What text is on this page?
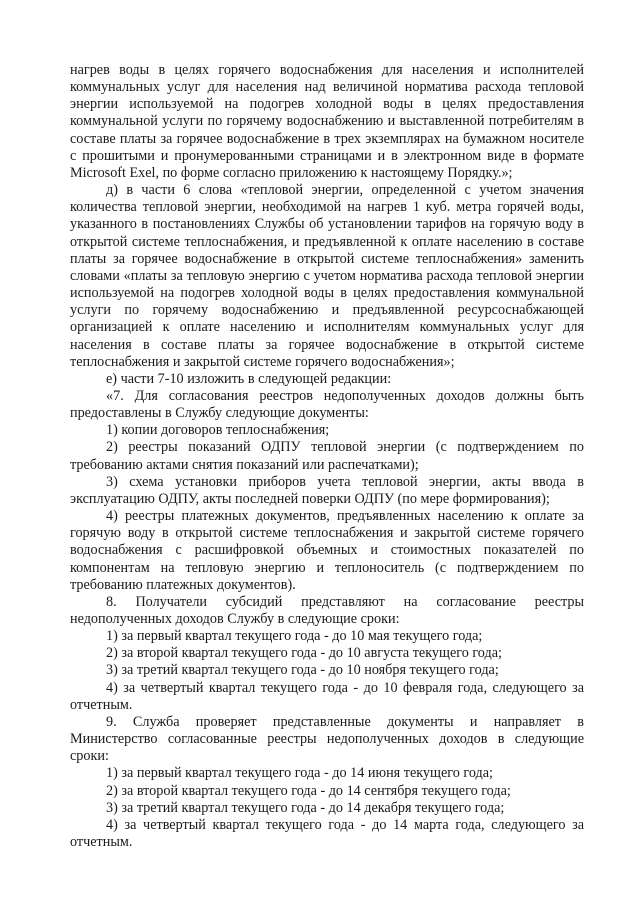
нагрев воды в целях горячего водоснабжения для населения и исполнителей коммунальных услуг для населения над величиной норматива расхода тепловой энергии используемой на подогрев холодной воды в целях предоставления коммунальной услуги по горячему водоснабжению и выставленной потребителям в составе платы за горячее водоснабжение в трех экземплярах на бумажном носителе с прошитыми и пронумерованными страницами и в электронном виде в формате Microsoft Exel, по форме согласно приложению к настоящему Порядку.»;

д) в части 6 слова «тепловой энергии, определенной с учетом значения количества тепловой энергии, необходимой на нагрев 1 куб. метра горячей воды, указанного в постановлениях Службы об установлении тарифов на горячую воду в открытой системе теплоснабжения, и предъявленной к оплате населению в составе платы за горячее водоснабжение в открытой системе теплоснабжения» заменить словами «платы за тепловую энергию с учетом норматива расхода тепловой энергии используемой на подогрев холодной воды в целях предоставления коммунальной услуги по горячему водоснабжению и предъявленной ресурсоснабжающей организацией к оплате населению и исполнителям коммунальных услуг для населения в составе платы за горячее водоснабжение в открытой системе теплоснабжения и закрытой системе горячего водоснабжения»;

е) части 7-10 изложить в следующей редакции:

«7. Для согласования реестров недополученных доходов должны быть предоставлены в Службу следующие документы:

1) копии договоров теплоснабжения;

2) реестры показаний ОДПУ тепловой энергии (с подтверждением по требованию актами снятия показаний или распечатками);

3) схема установки приборов учета тепловой энергии, акты ввода в эксплуатацию ОДПУ, акты последней поверки ОДПУ (по мере формирования);

4) реестры платежных документов, предъявленных населению к оплате за горячую воду в открытой системе теплоснабжения и закрытой системе горячего водоснабжения с расшифровкой объемных и стоимостных показателей по компонентам на тепловую энергию и теплоноситель (с подтверждением по требованию платежных документов).

8. Получатели субсидий представляют на согласование реестры недополученных доходов Службу в следующие сроки:

1) за первый квартал текущего года - до 10 мая текущего года;

2) за второй квартал текущего года - до 10 августа текущего года;

3) за третий квартал текущего года - до 10 ноября текущего года;

4) за четвертый квартал текущего года - до 10 февраля года, следующего за отчетным.

9. Служба проверяет представленные документы и направляет в Министерство согласованные реестры недополученных доходов в следующие сроки:

1) за первый квартал текущего года - до 14 июня текущего года;

2) за второй квартал текущего года - до 14 сентября текущего года;

3) за третий квартал текущего года - до 14 декабря текущего года;

4) за четвертый квартал текущего года - до 14 марта года, следующего за отчетным.
